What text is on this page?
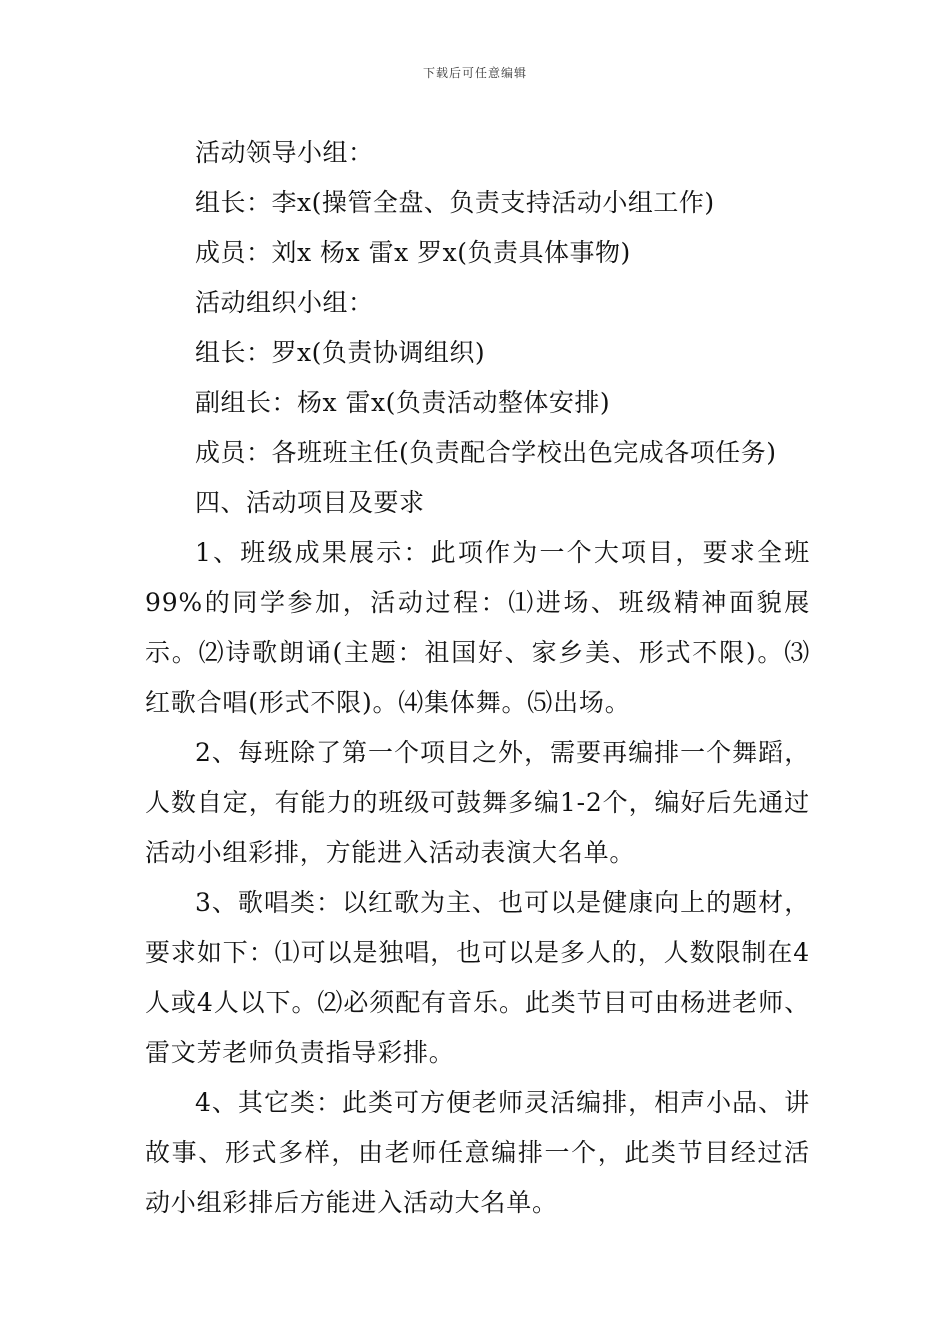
下载后可任意编辑
活动领导小组：
组长：李x(操管全盘、负责支持活动小组工作)
成员：刘x 杨x 雷x 罗x(负责具体事物)
活动组织小组：
组长：罗x(负责协调组织)
副组长：杨x 雷x(负责活动整体安排)
成员：各班班主任(负责配合学校出色完成各项任务)
四、活动项目及要求
1、班级成果展示：此项作为一个大项目，要求全班99%的同学参加，活动过程：⑴进场、班级精神面貌展示。⑵诗歌朗诵(主题：祖国好、家乡美、形式不限)。⑶红歌合唱(形式不限)。⑷集体舞。⑸出场。
2、每班除了第一个项目之外，需要再编排一个舞蹈，人数自定，有能力的班级可鼓舞多编1-2个，编好后先通过活动小组彩排，方能进入活动表演大名单。
3、歌唱类：以红歌为主、也可以是健康向上的题材，要求如下：⑴可以是独唱，也可以是多人的，人数限制在4人或4人以下。⑵必须配有音乐。此类节目可由杨进老师、雷文芳老师负责指导彩排。
4、其它类：此类可方便老师灵活编排，相声小品、讲故事、形式多样，由老师任意编排一个，此类节目经过活动小组彩排后方能进入活动大名单。
